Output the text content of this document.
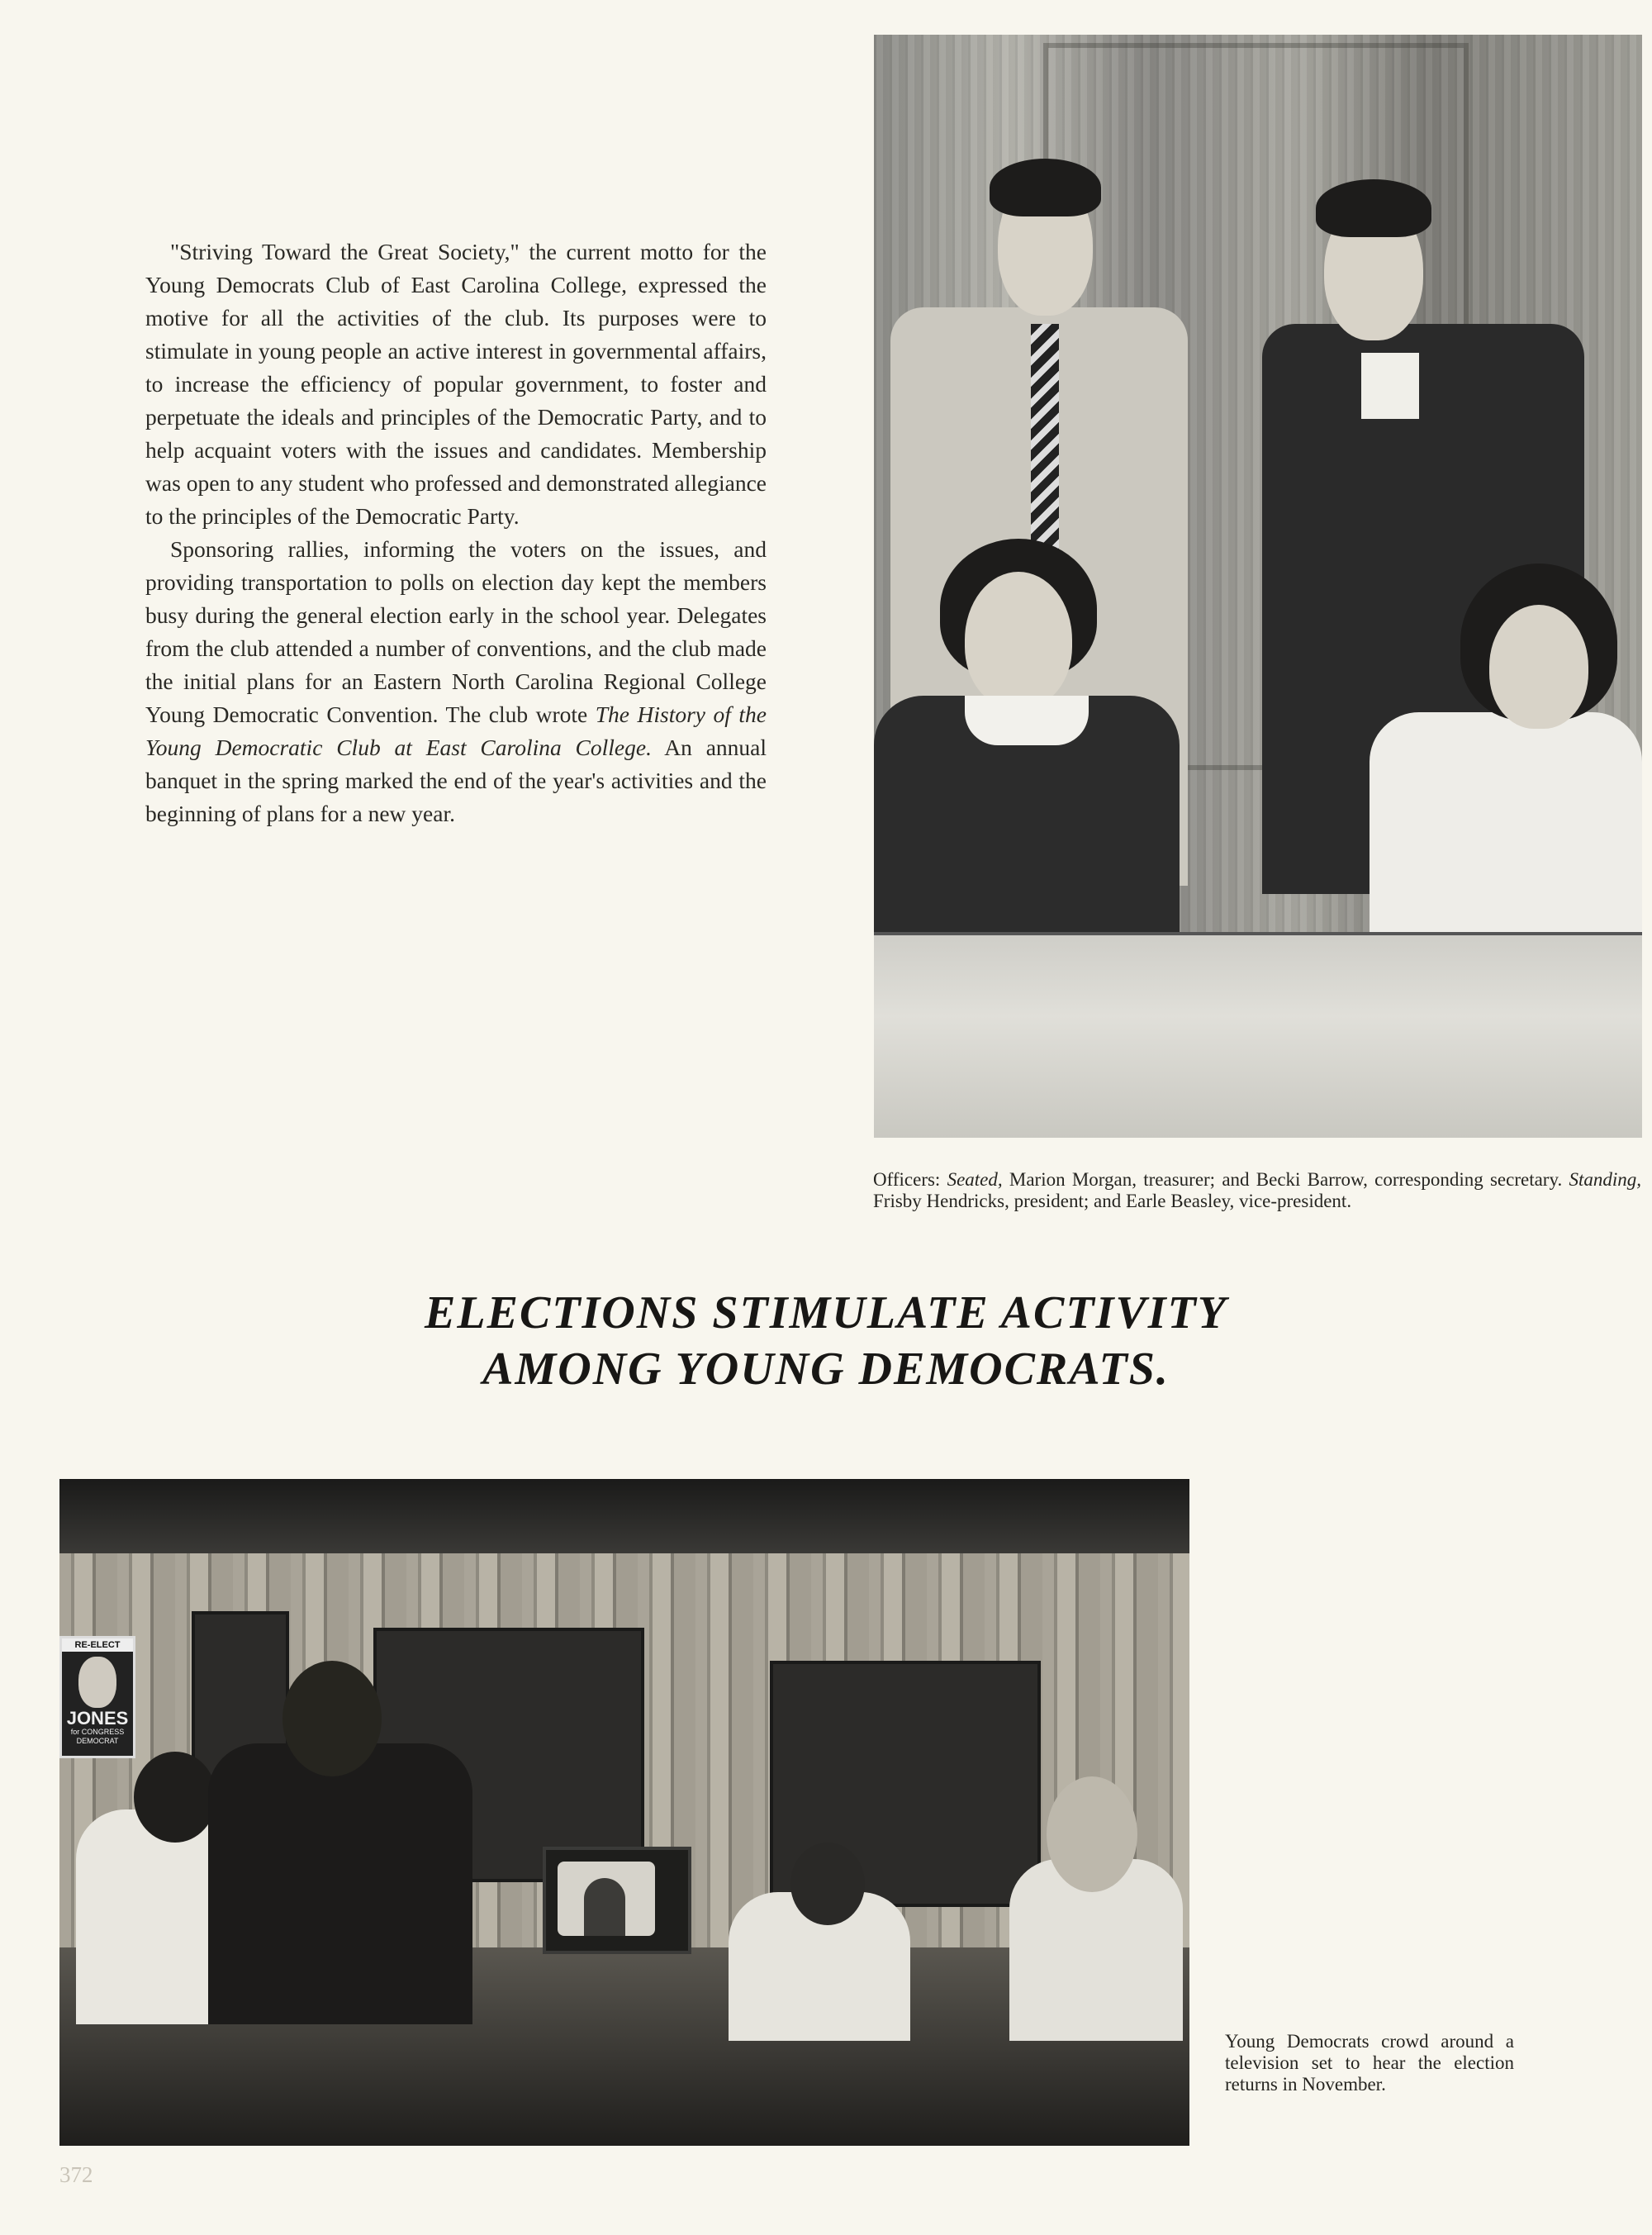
"Striving Toward the Great Society," the current motto for the Young Democrats Club of East Carolina College, expressed the motive for all the activities of the club. Its purposes were to stimulate in young people an active interest in governmental affairs, to increase the efficiency of popular government, to foster and perpetuate the ideals and principles of the Democratic Party, and to help acquaint voters with the issues and candidates. Membership was open to any student who professed and demonstrated allegiance to the principles of the Democratic Party.

Sponsoring rallies, informing the voters on the issues, and providing transportation to polls on election day kept the members busy during the general election early in the school year. Delegates from the club attended a number of conventions, and the club made the initial plans for an Eastern North Carolina Regional College Young Democratic Convention. The club wrote The History of the Young Democratic Club at East Carolina College. An annual banquet in the spring marked the end of the year's activities and the beginning of plans for a new year.

Officers: Seated, Marion Morgan, treasurer; and Becki Barrow, corresponding secretary. Standing, Frisby Hendricks, president; and Earle Beasley, vice-president.
ELECTIONS STIMULATE ACTIVITY
AMONG YOUNG DEMOCRATS.
RE-ELECT
JONES
for CONGRESS
DEMOCRAT
Young Democrats crowd around a television set to hear the election returns in November.
372
